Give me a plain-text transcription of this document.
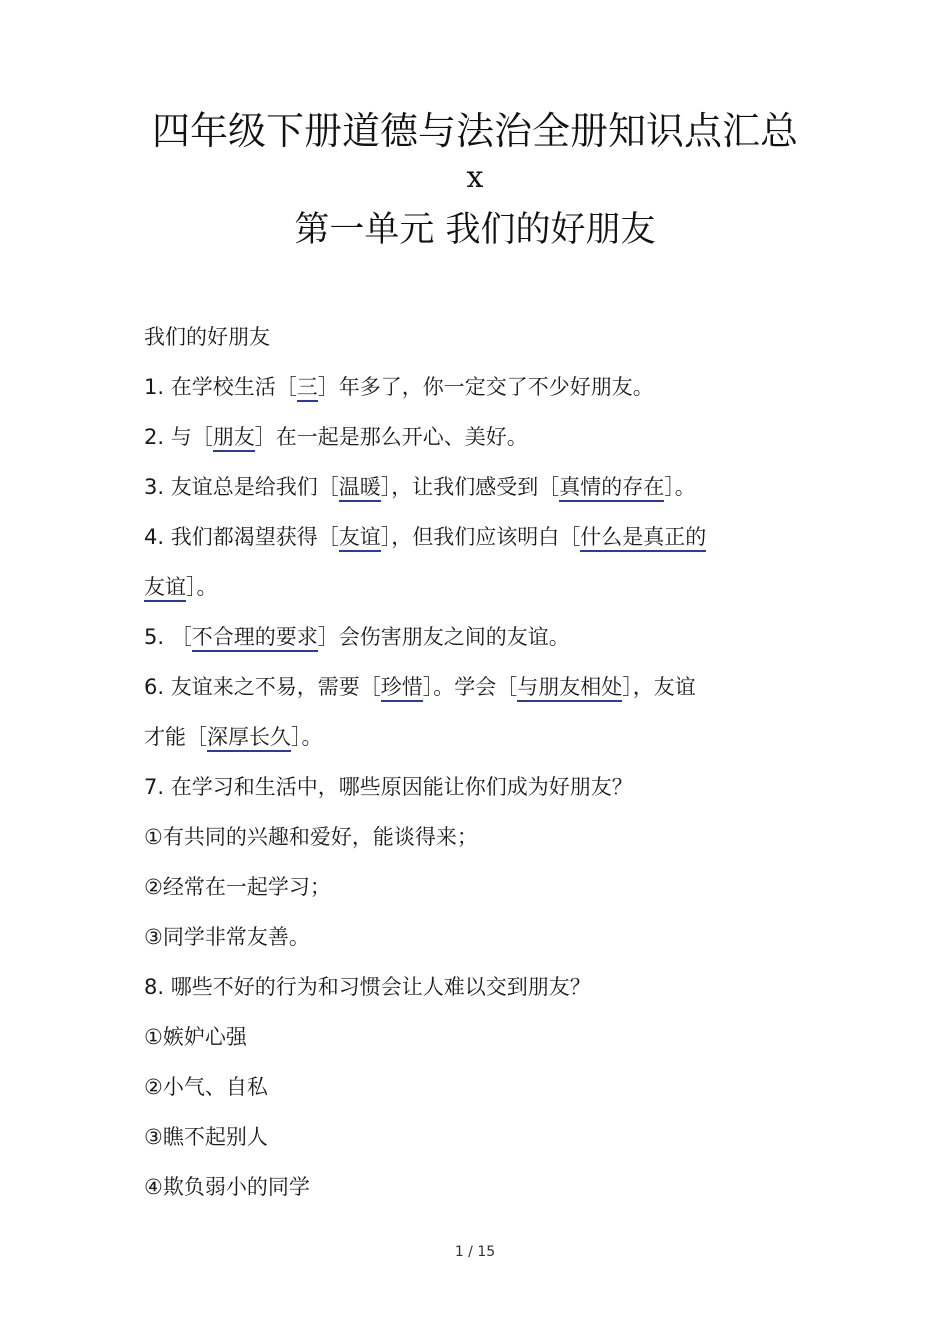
四年级下册道德与法治全册知识点汇总
x
第一单元 我们的好朋友
我们的好朋友
1. 在学校生活［三］年多了，你一定交了不少好朋友。
2. 与［朋友］在一起是那么开心、美好。
3. 友谊总是给我们［温暖］，让我们感受到［真情的存在］。
4. 我们都渴望获得［友谊］，但我们应该明白［什么是真正的
友谊］。
5. ［不合理的要求］会伤害朋友之间的友谊。
6. 友谊来之不易，需要［珍惜］。学会［与朋友相处］，友谊
才能［深厚长久］。
7. 在学习和生活中，哪些原因能让你们成为好朋友？
①有共同的兴趣和爱好，能谈得来；
②经常在一起学习；
③同学非常友善。
8. 哪些不好的行为和习惯会让人难以交到朋友？
①嫉妒心强
②小气、自私
③瞧不起别人
④欺负弱小的同学
1 / 15
